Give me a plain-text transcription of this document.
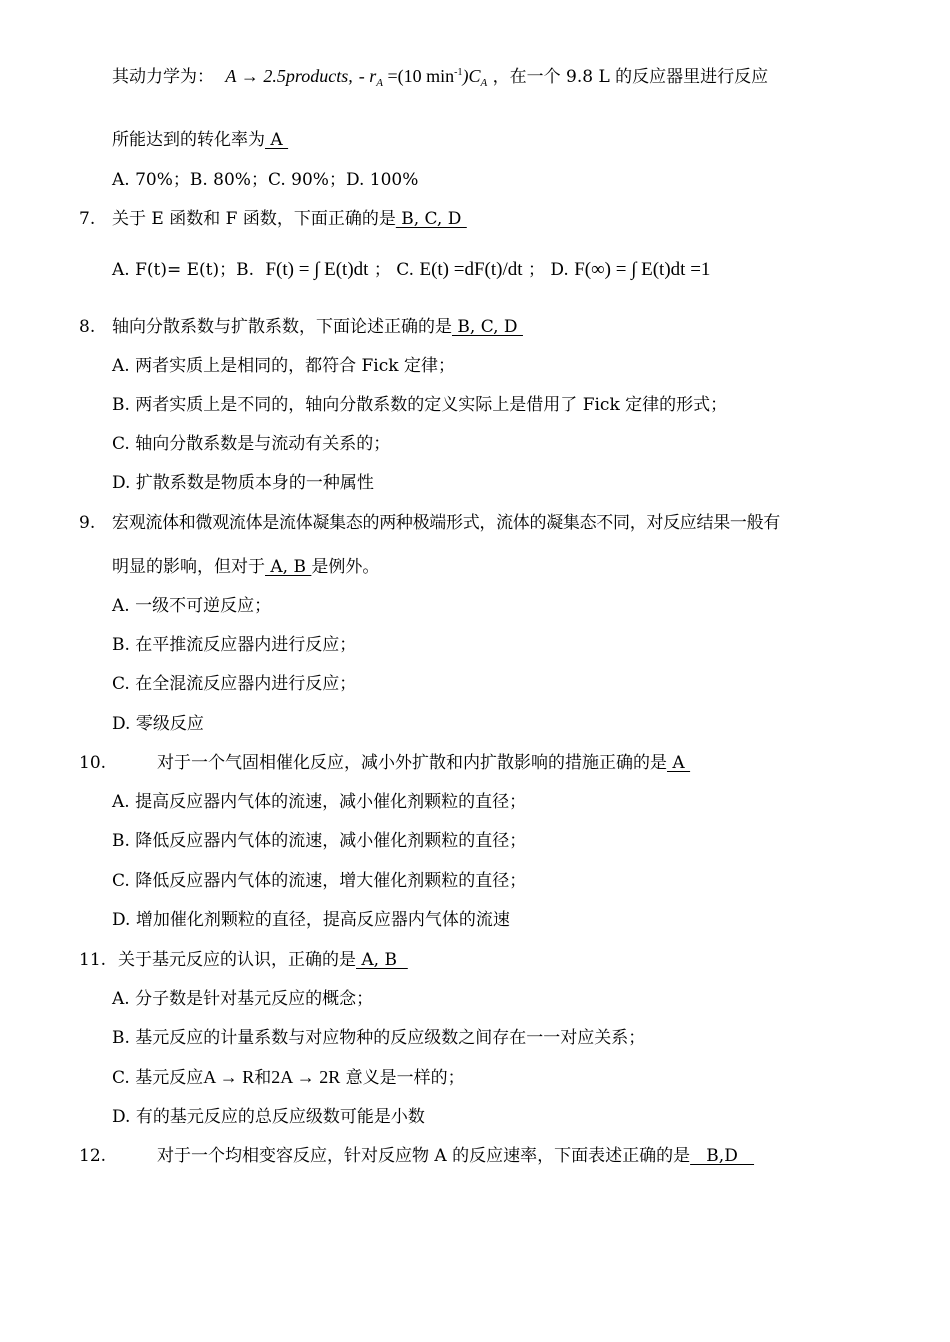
其动力学为： A → 2.5products, - $r_A =(10$ $\min^{-1})C_A$ ，在一个 9.8 L 的反应器里进行反应
所能达到的转化率为 A
A. 70%；B. 80%；C. 90%；D. 100%
7. 关于 E 函数和 F 函数，下面正确的是 B, C, D
A. F(t)= E(t)；B. F(t) = ∫ E(t)dt ； C. E(t) =dF(t)/dt ； D. F(∞) = ∫ E(t)dt =1
8. 轴向分散系数与扩散系数，下面论述正确的是 B, C, D
A. 两者实质上是相同的，都符合 Fick 定律；
B. 两者实质上是不同的，轴向分散系数的定义实际上是借用了 Fick 定律的形式；
C. 轴向分散系数是与流动有关系的；
D. 扩散系数是物质本身的一种属性
9. 宏观流体和微观流体是流体凝集态的两种极端形式，流体的凝集态不同，对反应结果一般有
明显的影响，但对于 A, B 是例外。
A. 一级不可逆反应；
B. 在平推流反应器内进行反应；
C. 在全混流反应器内进行反应；
D. 零级反应
10.	对于一个气固相催化反应，减小外扩散和内扩散影响的措施正确的是 A
A. 提高反应器内气体的流速，减小催化剂颗粒的直径；
B. 降低反应器内气体的流速，减小催化剂颗粒的直径；
C. 降低反应器内气体的流速，增大催化剂颗粒的直径；
D. 增加催化剂颗粒的直径，提高反应器内气体的流速
11. 关于基元反应的认识，正确的是 A, B
A. 分子数是针对基元反应的概念；
B. 基元反应的计量系数与对应物种的反应级数之间存在一一对应关系；
C. 基元反应A → R和2A → 2R 意义是一样的；
D. 有的基元反应的总反应级数可能是小数
12.	对于一个均相变容反应，针对反应物 A 的反应速率，下面表述正确的是   B,D
